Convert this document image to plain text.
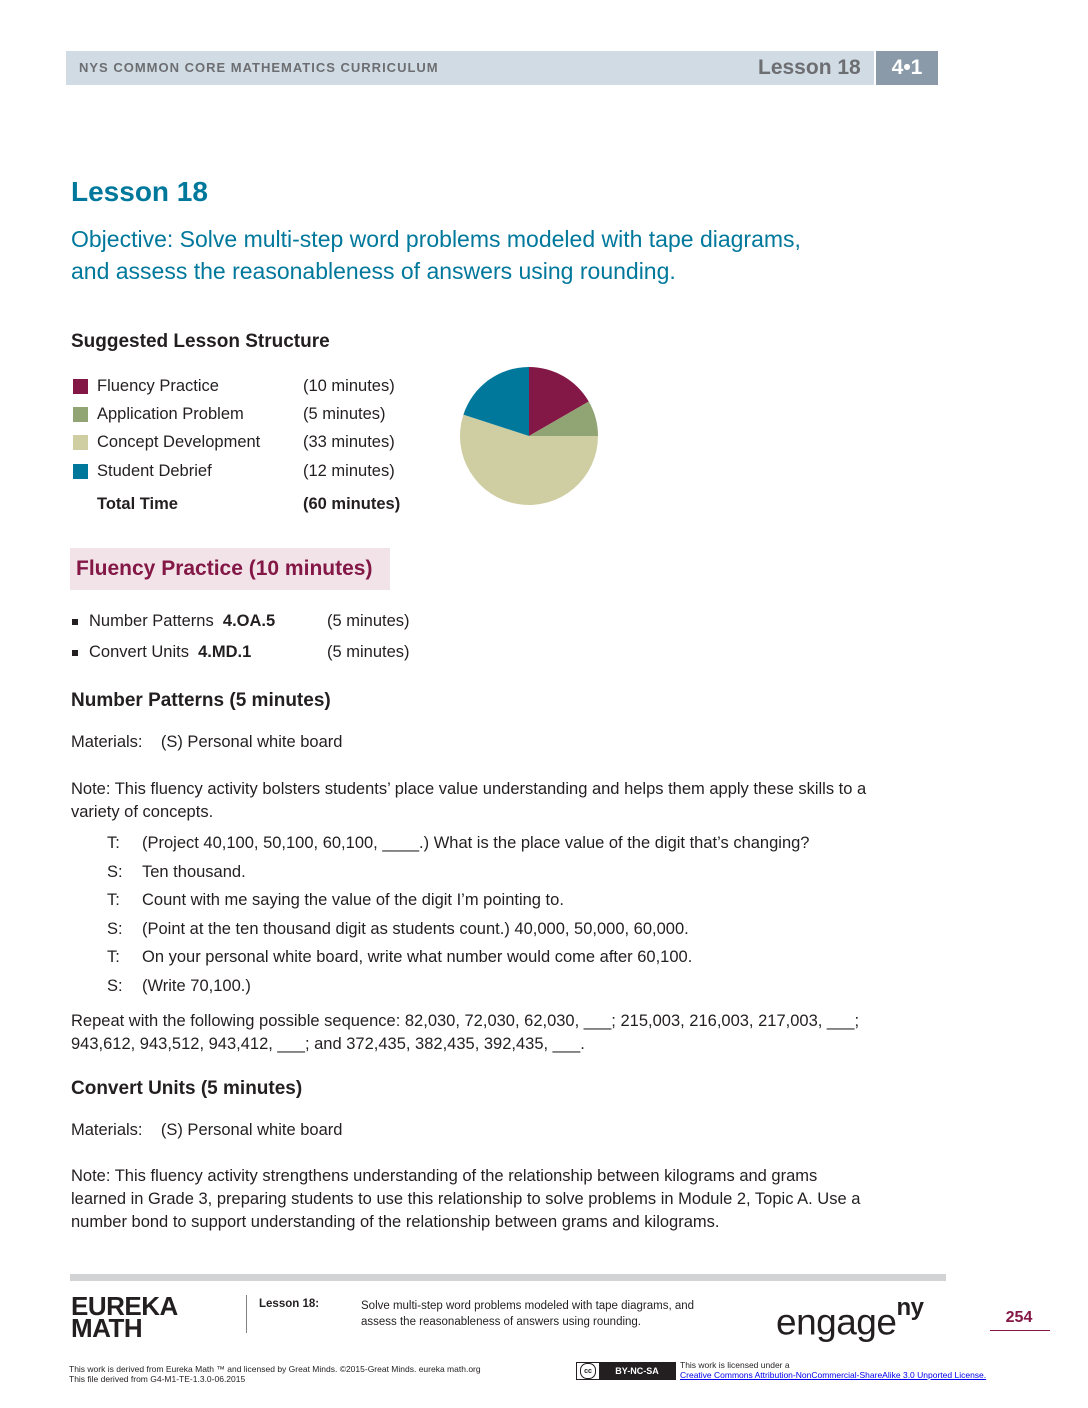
NYS COMMON CORE MATHEMATICS CURRICULUM	Lesson 18	4•1
Lesson 18
Objective: Solve multi-step word problems modeled with tape diagrams,
and assess the reasonableness of answers using rounding.
Suggested Lesson Structure
Fluency Practice	(10 minutes)
Application Problem	(5 minutes)
Concept Development	(33 minutes)
Student Debrief	(12 minutes)
Total Time	(60 minutes)
Fluency Practice (10 minutes)
Number Patterns 4.OA.5	(5 minutes)
Convert Units 4.MD.1	(5 minutes)
Number Patterns (5 minutes)
Materials:    (S) Personal white board
Note: This fluency activity bolsters students’ place value understanding and helps them apply these skills to a
variety of concepts.
T:	(Project 40,100, 50,100, 60,100, ____.) What is the place value of the digit that’s changing?
S:	Ten thousand.
T:	Count with me saying the value of the digit I’m pointing to.
S:	(Point at the ten thousand digit as students count.) 40,000, 50,000, 60,000.
T:	On your personal white board, write what number would come after 60,100.
S:	(Write 70,100.)
Repeat with the following possible sequence: 82,030, 72,030, 62,030, ___; 215,003, 216,003, 217,003, ___;
943,612, 943,512, 943,412, ___; and 372,435, 382,435, 392,435, ___.
Convert Units (5 minutes)
Materials:    (S) Personal white board
Note: This fluency activity strengthens understanding of the relationship between kilograms and grams
learned in Grade 3, preparing students to use this relationship to solve problems in Module 2, Topic A. Use a
number bond to support understanding of the relationship between grams and kilograms.
EUREKA
MATH
Lesson 18:	Solve multi-step word problems modeled with tape diagrams, and
assess the reasonableness of answers using rounding.	engage$^{ny}$	254
This work is derived from Eureka Math ™ and licensed by Great Minds. ©2015-Great Minds. eureka math.org
This file derived from G4-M1-TE-1.3.0-06.2015
cc	BY-NC-SA
This work is licensed under a
Creative Commons Attribution-NonCommercial-ShareAlike 3.0 Unported License.
